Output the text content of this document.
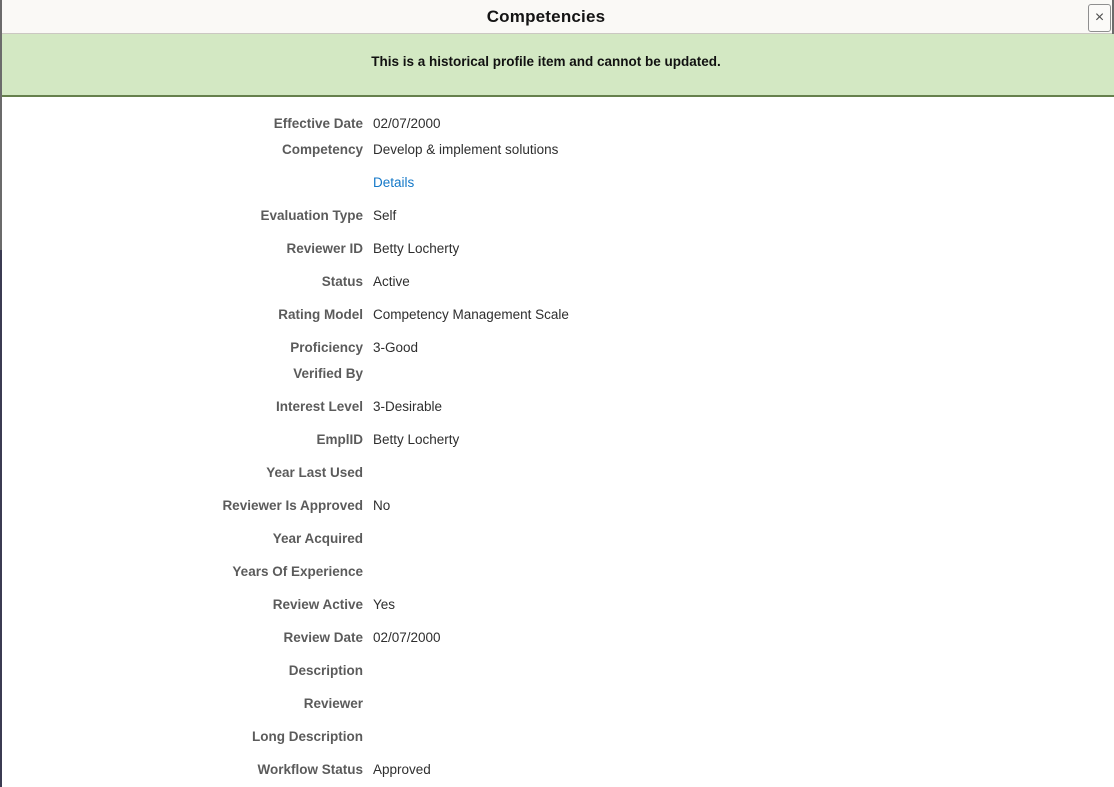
Competencies	×
This is a historical profile item and cannot be updated.
Effective Date 02/07/2000
Competency Develop & implement solutions
Details
Evaluation Type Self
Reviewer ID Betty Locherty
Status Active
Rating Model Competency Management Scale
Proficiency 3-Good
Verified By
Interest Level 3-Desirable
EmplID Betty Locherty
Year Last Used
Reviewer Is Approved No
Year Acquired
Years Of Experience
Review Active Yes
Review Date 02/07/2000
Description
Reviewer
Long Description
Workflow Status Approved
